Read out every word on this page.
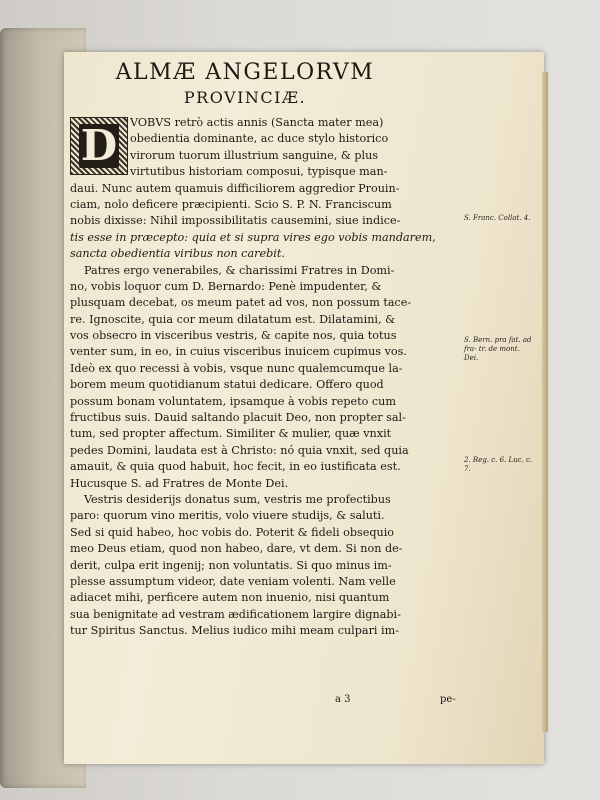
ALMÆ ANGELORVM
PROVINCIÆ.
D	VOBVS retrò actis annis (Sancta mater mea)
obedientia dominante, ac duce stylo historico
virorum tuorum illustrium sanguine, & plus
virtutibus historiam composui, typisque man-
daui. Nunc autem quamuis difficiliorem aggredior Prouin-
ciam, nolo deficere præcipienti. Scio S. P. N. Franciscum
nobis dixisse: Nihil impossibilitatis causemini, siue indice-
tis esse in præcepto: quia et si supra vires ego vobis mandarem,
sancta obedientia viribus non carebit.
Patres ergo venerabiles, & charissimi Fratres in Domi-
no, vobis loquor cum D. Bernardo: Penè impudenter, &
plusquam decebat, os meum patet ad vos, non possum tace-
re. Ignoscite, quia cor meum dilatatum est. Dilatamini, &
vos obsecro in visceribus vestris, & capite nos, quia totus
venter sum, in eo, in cuius visceribus inuicem cupimus vos.
Ideò ex quo recessi à vobis, vsque nunc qualemcumque la-
borem meum quotidianum statui dedicare. Offero quod
possum bonam voluntatem, ipsamque à vobis repeto cum
fructibus suis. Dauid saltando placuit Deo, non propter sal-
tum, sed propter affectum. Similiter & mulier, quæ vnxit
pedes Domini, laudata est à Christo: nó quia vnxit, sed quia
amauit, & quia quod habuit, hoc fecit, in eo iustificata est.
Hucusque S. ad Fratres de Monte Dei.
Vestris desiderijs donatus sum, vestris me profectibus
paro: quorum vino meritis, volo viuere studijs, & saluti.
Sed si quid habeo, hoc vobis do. Poterit & fideli obsequio
meo Deus etiam, quod non habeo, dare, vt dem. Si non de-
derit, culpa erit ingenij; non voluntatis. Si quo minus im-
plesse assumptum videor, date veniam volenti. Nam velle
adiacet mihi, perficere autem non inuenio, nisi quantum
sua benignitate ad vestram ædificationem largire dignabi-
tur Spiritus Sanctus. Melius iudico mihi meam culpari im-
S. Franc. Collat. 4.
S. Bern. pra fat. ad fra- tr. de mont. Dei.
2. Reg. c. 6. Luc. c. 7.
a 3	pe-
